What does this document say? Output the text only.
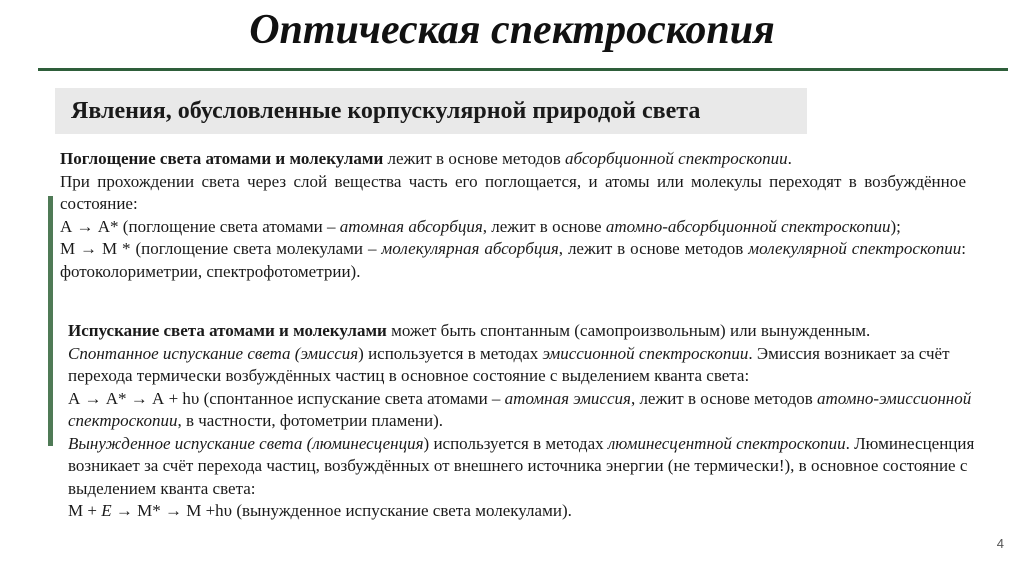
Оптическая спектроскопия
Явления, обусловленные корпускулярной природой света

Поглощение света атомами и молекулами лежит в основе методов абсорбционной спектроскопии.

При прохождении света через слой вещества часть его поглощается, и атомы или молекулы переходят в возбуждённое состояние:

А → А* (поглощение света атомами – атомная абсорбция, лежит в основе атомно-абсорбционной спектроскопии);

М → М * (поглощение света молекулами – молекулярная абсорбция, лежит в основе методов молекулярной спектроскопии: фотоколориметрии, спектрофотометрии).

Испускание света атомами и молекулами может быть спонтанным (самопроизвольным) или вынужденным.

Спонтанное испускание света (эмиссия) используется в методах эмиссионной спектроскопии. Эмиссия возникает за счёт перехода термически возбуждённых частиц в основное состояние с выделением кванта света:

А → А* → А + hυ (спонтанное испускание света атомами – атомная эмиссия, лежит в основе методов атомно-эмиссионной спектроскопии, в частности, фотометрии пламени).

Вынужденное испускание света (люминесценция) используется в методах люминесцентной спектроскопии. Люминесценция возникает за счёт перехода частиц, возбуждённых от внешнего источника энергии (не термически!), в основное состояние с выделением кванта света:

М + Е → М* → М +hυ (вынужденное испускание света молекулами).

4
